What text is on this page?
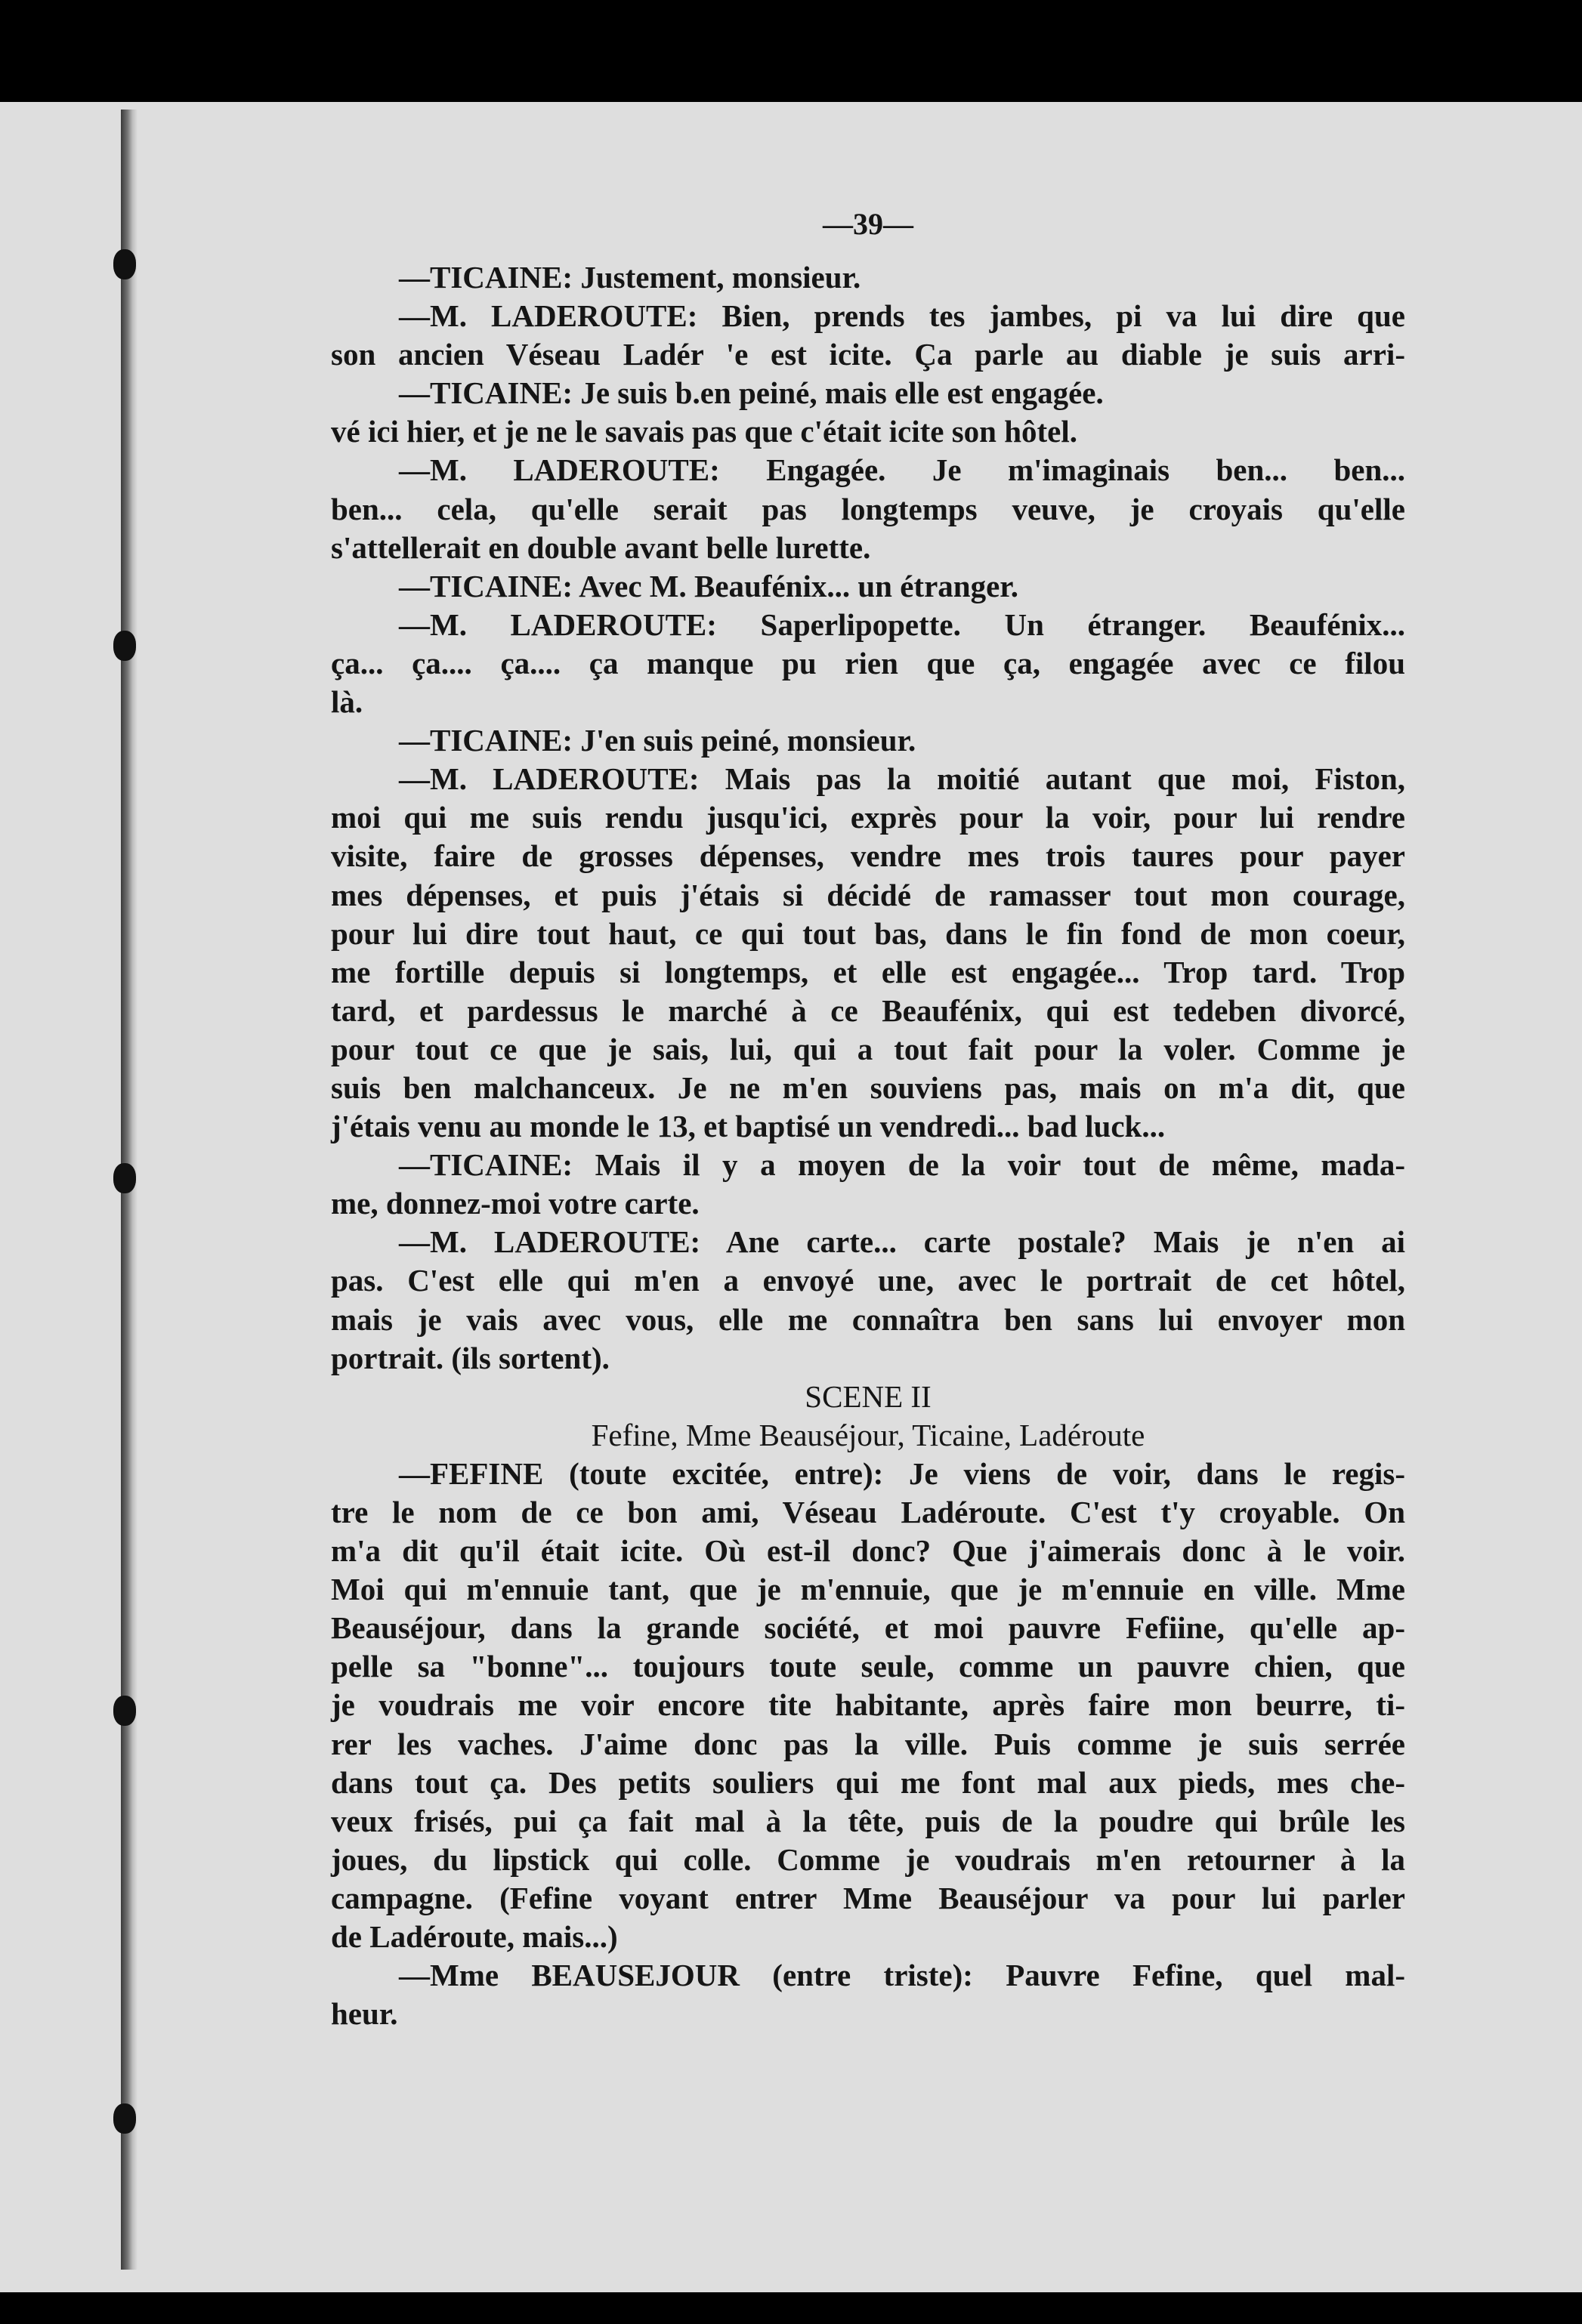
—39—
—TICAINE: Justement, monsieur.
—M. LADEROUTE: Bien, prends tes jambes, pi va lui dire que
son ancien Véseau Ladér 'e est icite. Ça parle au diable je suis arri-
—TICAINE: Je suis b.en peiné, mais elle est engagée.
vé ici hier, et je ne le savais pas que c'était icite son hôtel.
—M. LADEROUTE: Engagée. Je m'imaginais ben... ben...
ben... cela, qu'elle serait pas longtemps veuve, je croyais qu'elle
s'attellerait en double avant belle lurette.
—TICAINE: Avec M. Beaufénix... un étranger.
—M. LADEROUTE: Saperlipopette. Un étranger. Beaufénix...
ça... ça.... ça.... ça manque pu rien que ça, engagée avec ce filou
là.
—TICAINE: J'en suis peiné, monsieur.
—M. LADEROUTE: Mais pas la moitié autant que moi, Fiston,
moi qui me suis rendu jusqu'ici, exprès pour la voir, pour lui rendre
visite, faire de grosses dépenses, vendre mes trois taures pour payer
mes dépenses, et puis j'étais si décidé de ramasser tout mon courage,
pour lui dire tout haut, ce qui tout bas, dans le fin fond de mon coeur,
me fortille depuis si longtemps, et elle est engagée... Trop tard. Trop
tard, et pardessus le marché à ce Beaufénix, qui est tedeben divorcé,
pour tout ce que je sais, lui, qui a tout fait pour la voler. Comme je
suis ben malchanceux. Je ne m'en souviens pas, mais on m'a dit, que
j'étais venu au monde le 13, et baptisé un vendredi... bad luck...
—TICAINE: Mais il y a moyen de la voir tout de même, mada-
me, donnez-moi votre carte.
—M. LADEROUTE: Ane carte... carte postale? Mais je n'en ai
pas. C'est elle qui m'en a envoyé une, avec le portrait de cet hôtel,
mais je vais avec vous, elle me connaîtra ben sans lui envoyer mon
portrait. (ils sortent).
SCENE II
Fefine, Mme Beauséjour, Ticaine, Ladéroute
—FEFINE (toute excitée, entre): Je viens de voir, dans le regis-
tre le nom de ce bon ami, Véseau Ladéroute. C'est t'y croyable. On
m'a dit qu'il était icite. Où est-il donc? Que j'aimerais donc à le voir.
Moi qui m'ennuie tant, que je m'ennuie, que je m'ennuie en ville. Mme
Beauséjour, dans la grande société, et moi pauvre Fefiine, qu'elle ap-
pelle sa "bonne"... toujours toute seule, comme un pauvre chien, que
je voudrais me voir encore tite habitante, après faire mon beurre, ti-
rer les vaches. J'aime donc pas la ville. Puis comme je suis serrée
dans tout ça. Des petits souliers qui me font mal aux pieds, mes che-
veux frisés, pui ça fait mal à la tête, puis de la poudre qui brûle les
joues, du lipstick qui colle. Comme je voudrais m'en retourner à la
campagne. (Fefine voyant entrer Mme Beauséjour va pour lui parler
de Ladéroute, mais...)
—Mme BEAUSEJOUR (entre triste): Pauvre Fefine, quel mal-
heur.
